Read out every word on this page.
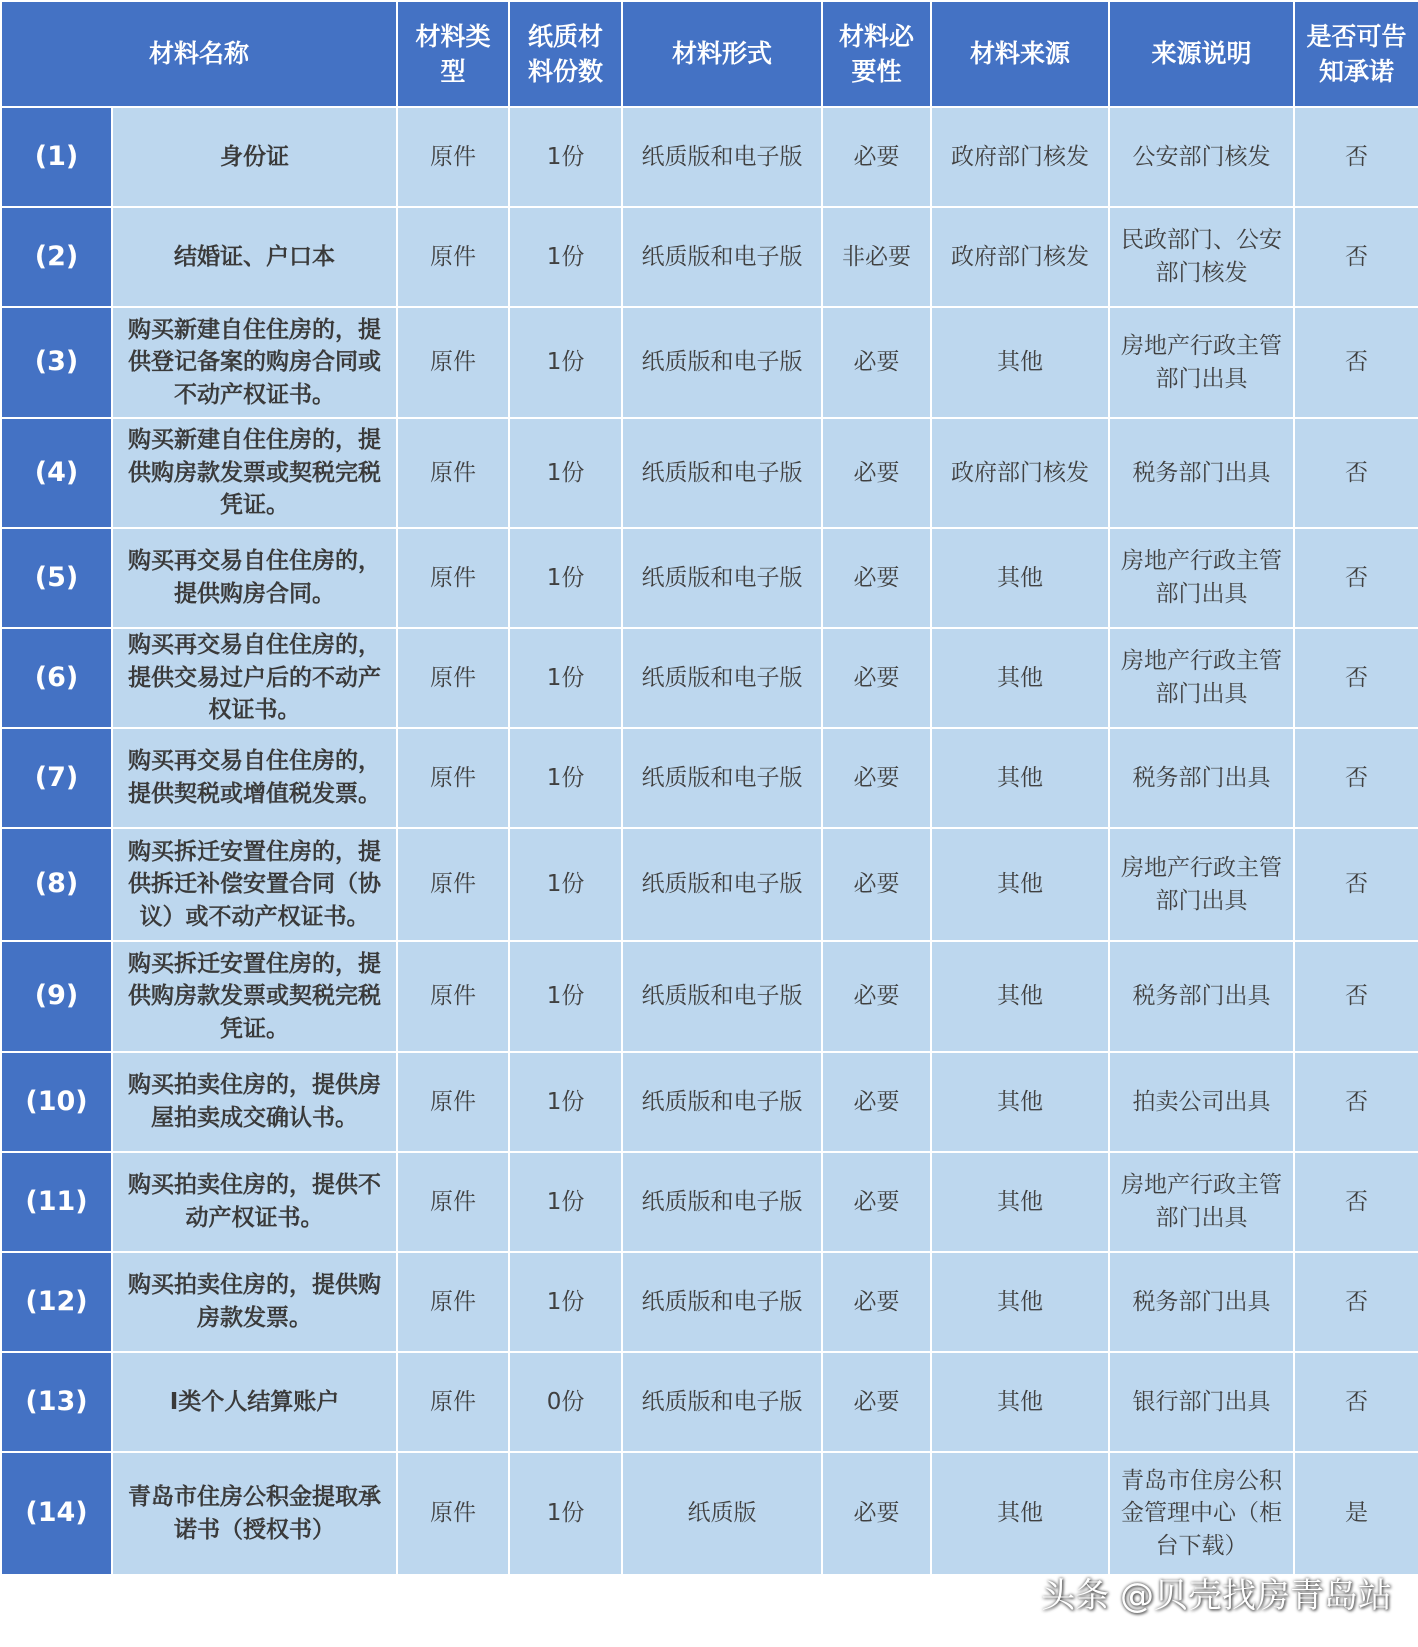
材料名称		材料类型	纸质材料份数	材料形式	材料必要性	材料来源	来源说明	是否可告知承诺
(1)	身份证	原件	1份	纸质版和电子版	必要	政府部门核发	公安部门核发	否
(2)	结婚证、户口本	原件	1份	纸质版和电子版	非必要	政府部门核发	民政部门、公安部门核发	否
(3)	购买新建自住住房的，提供登记备案的购房合同或不动产权证书。	原件	1份	纸质版和电子版	必要	其他	房地产行政主管部门出具	否
(4)	购买新建自住住房的，提供购房款发票或契税完税凭证。	原件	1份	纸质版和电子版	必要	政府部门核发	税务部门出具	否
(5)	购买再交易自住住房的，提供购房合同。	原件	1份	纸质版和电子版	必要	其他	房地产行政主管部门出具	否
(6)	购买再交易自住住房的，提供交易过户后的不动产权证书。	原件	1份	纸质版和电子版	必要	其他	房地产行政主管部门出具	否
(7)	购买再交易自住住房的，提供契税或增值税发票。	原件	1份	纸质版和电子版	必要	其他	税务部门出具	否
(8)	购买拆迁安置住房的，提供拆迁补偿安置合同（协议）或不动产权证书。	原件	1份	纸质版和电子版	必要	其他	房地产行政主管部门出具	否
(9)	购买拆迁安置住房的，提供购房款发票或契税完税凭证。	原件	1份	纸质版和电子版	必要	其他	税务部门出具	否
(10)	购买拍卖住房的，提供房屋拍卖成交确认书。	原件	1份	纸质版和电子版	必要	其他	拍卖公司出具	否
(11)	购买拍卖住房的，提供不动产权证书。	原件	1份	纸质版和电子版	必要	其他	房地产行政主管部门出具	否
(12)	购买拍卖住房的，提供购房款发票。	原件	1份	纸质版和电子版	必要	其他	税务部门出具	否
(13)	I类个人结算账户	原件	0份	纸质版和电子版	必要	其他	银行部门出具	否
(14)	青岛市住房公积金提取承诺书（授权书）	原件	1份	纸质版	必要	其他	青岛市住房公积金管理中心（柜台下载）	是
头条 @贝壳找房青岛站
